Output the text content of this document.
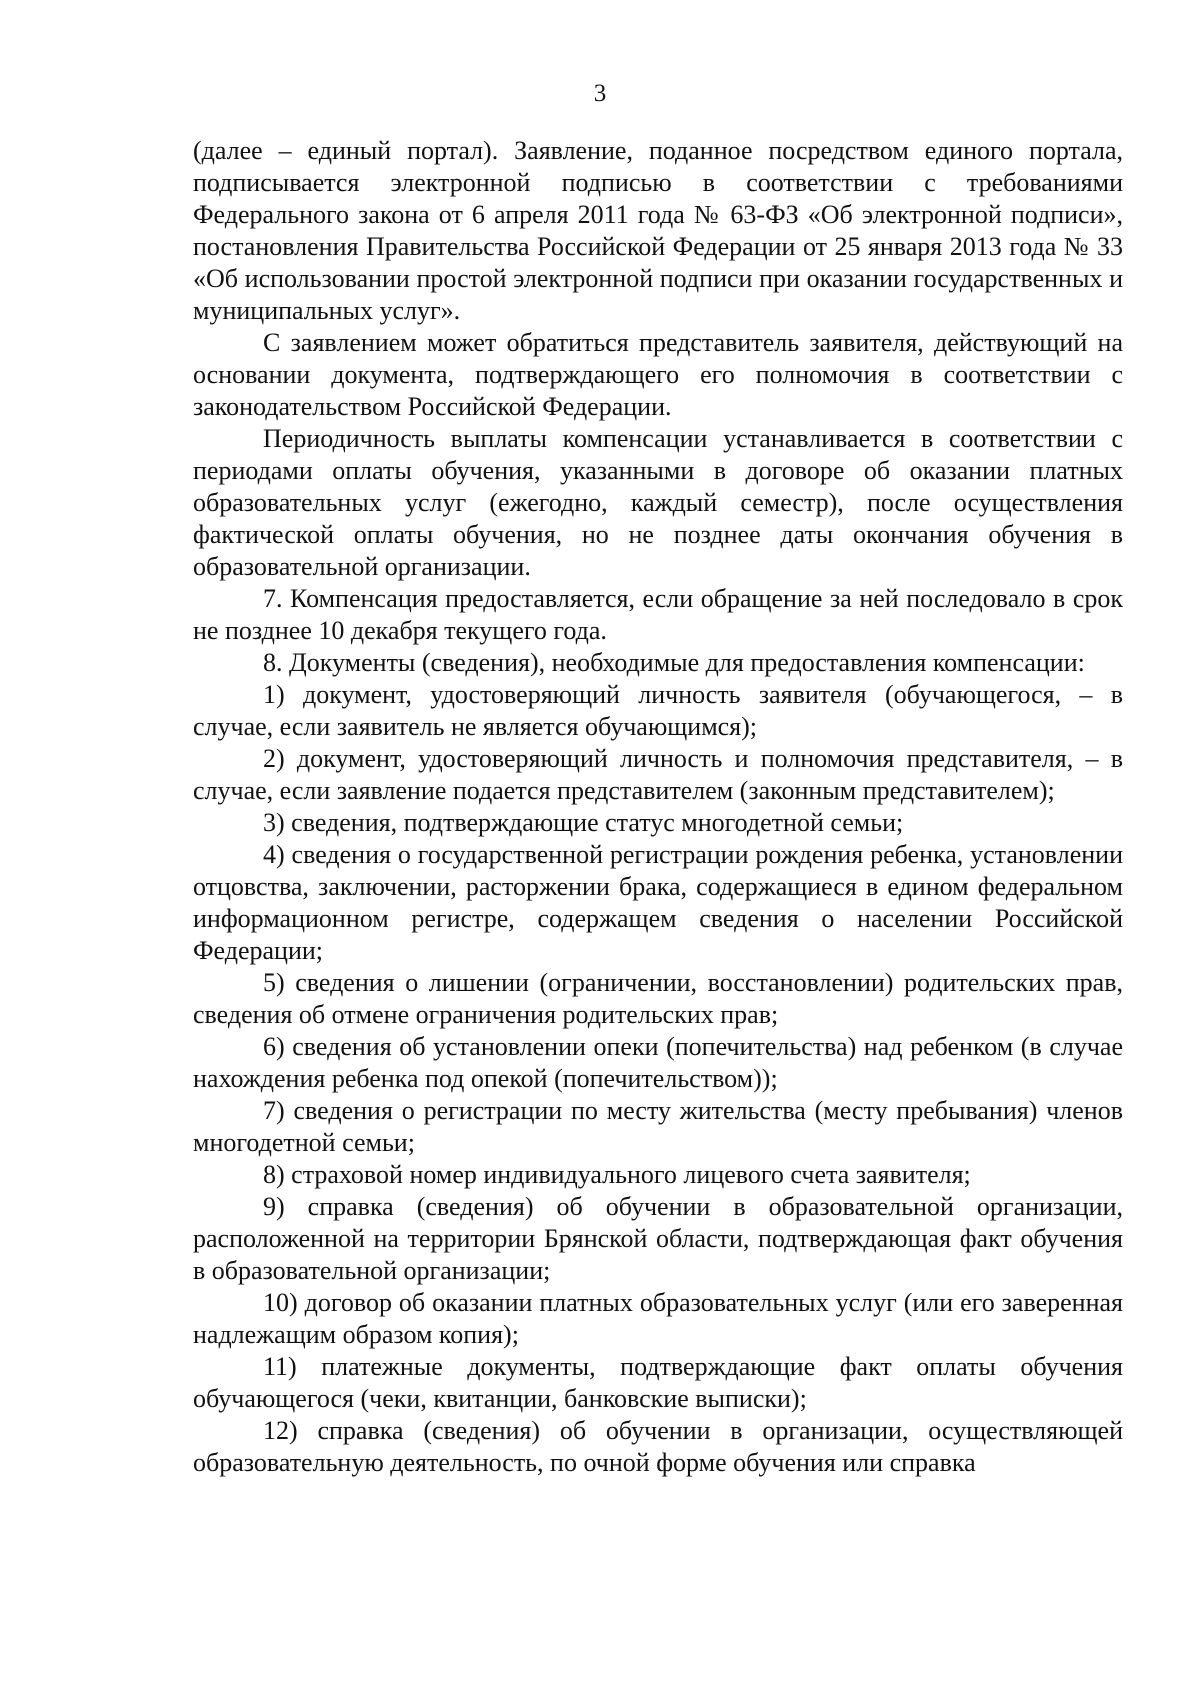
3

(далее – единый портал). Заявление, поданное посредством единого портала, подписывается электронной подписью в соответствии с требованиями Федерального закона от 6 апреля 2011 года № 63-ФЗ «Об электронной подписи», постановления Правительства Российской Федерации от 25 января 2013 года № 33 «Об использовании простой электронной подписи при оказании государственных и муниципальных услуг».

С заявлением может обратиться представитель заявителя, действующий на основании документа, подтверждающего его полномочия в соответствии с законодательством Российской Федерации.

Периодичность выплаты компенсации устанавливается в соответствии с периодами оплаты обучения, указанными в договоре об оказании платных образовательных услуг (ежегодно, каждый семестр), после осуществления фактической оплаты обучения, но не позднее даты окончания обучения в образовательной организации.

7. Компенсация предоставляется, если обращение за ней последовало в срок не позднее 10 декабря текущего года.

8. Документы (сведения), необходимые для предоставления компенсации:

1) документ, удостоверяющий личность заявителя (обучающегося, – в случае, если заявитель не является обучающимся);

2) документ, удостоверяющий личность и полномочия представителя, – в случае, если заявление подается представителем (законным представителем);

3) сведения, подтверждающие статус многодетной семьи;

4) сведения о государственной регистрации рождения ребенка, установлении отцовства, заключении, расторжении брака, содержащиеся в едином федеральном информационном регистре, содержащем сведения о населении Российской Федерации;

5) сведения о лишении (ограничении, восстановлении) родительских прав, сведения об отмене ограничения родительских прав;

6) сведения об установлении опеки (попечительства) над ребенком (в случае нахождения ребенка под опекой (попечительством));

7) сведения о регистрации по месту жительства (месту пребывания) членов многодетной семьи;

8) страховой номер индивидуального лицевого счета заявителя;

9) справка (сведения) об обучении в образовательной организации, расположенной на территории Брянской области, подтверждающая факт обучения в образовательной организации;

10) договор об оказании платных образовательных услуг (или его заверенная надлежащим образом копия);

11) платежные документы, подтверждающие факт оплаты обучения обучающегося (чеки, квитанции, банковские выписки);

12) справка (сведения) об обучении в организации, осуществляющей образовательную деятельность, по очной форме обучения или справка
